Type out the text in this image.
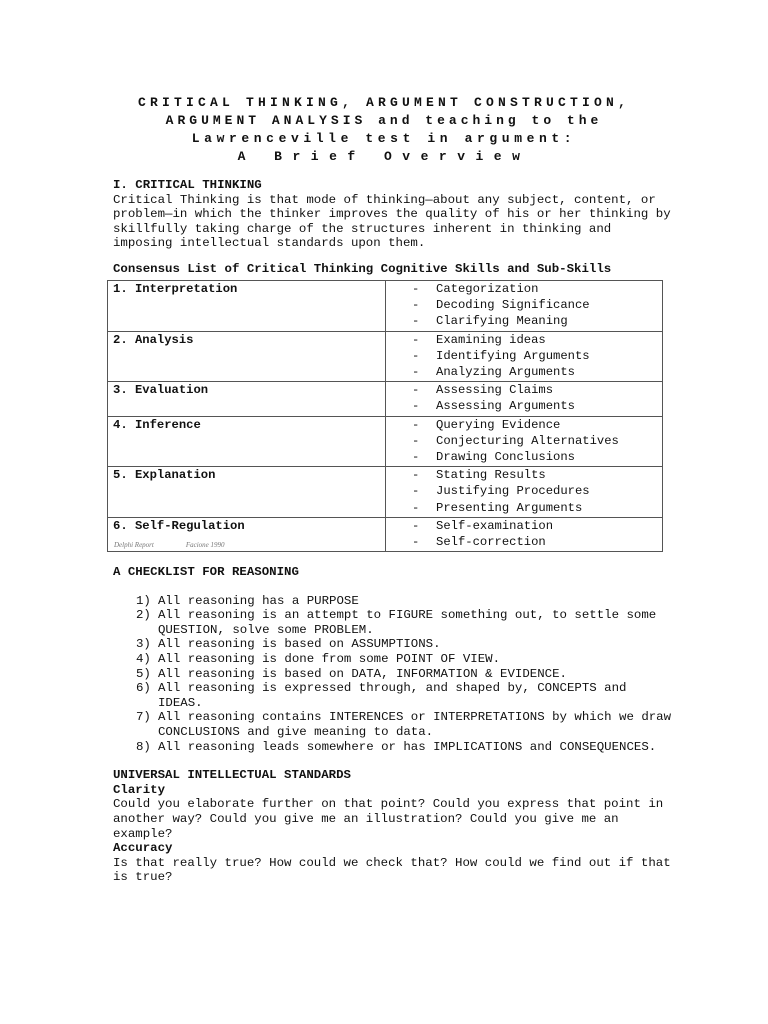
CRITICAL THINKING, ARGUMENT CONSTRUCTION,
ARGUMENT ANALYSIS and teaching to the
Lawrenceville test in argument:
A Brief Overview
I. CRITICAL THINKING
Critical Thinking is that mode of thinking—about any subject, content, or problem—in which the thinker improves the quality of his or her thinking by skillfully taking charge of the structures inherent in thinking and imposing intellectual standards upon them.
Consensus List of Critical Thinking Cognitive Skills and Sub-Skills
1. Interpretation	- Categorization
- Decoding Significance
- Clarifying Meaning

2. Analysis	- Examining ideas
- Identifying Arguments
- Analyzing Arguments

3. Evaluation	- Assessing Claims
- Assessing Arguments

4. Inference	- Querying Evidence
- Conjecturing Alternatives
- Drawing Conclusions

5. Explanation	- Stating Results
- Justifying Procedures
- Presenting Arguments

6. Self-Regulation	- Self-examination
- Self-correction
Delphi Report	Facione 1990
A CHECKLIST FOR REASONING
1) All reasoning has a PURPOSE
2) All reasoning is an attempt to FIGURE something out, to settle some QUESTION, solve some PROBLEM.
3) All reasoning is based on ASSUMPTIONS.
4) All reasoning is done from some POINT OF VIEW.
5) All reasoning is based on DATA, INFORMATION & EVIDENCE.
6) All reasoning is expressed through, and shaped by, CONCEPTS and IDEAS.
7) All reasoning contains INTERENCES or INTERPRETATIONS by which we draw CONCLUSIONS and give meaning to data.
8) All reasoning leads somewhere or has IMPLICATIONS and CONSEQUENCES.
UNIVERSAL INTELLECTUAL STANDARDS
Clarity
Could you elaborate further on that point? Could you express that point in another way? Could you give me an illustration? Could you give me an example?
Accuracy
Is that really true? How could we check that? How could we find out if that is true?
